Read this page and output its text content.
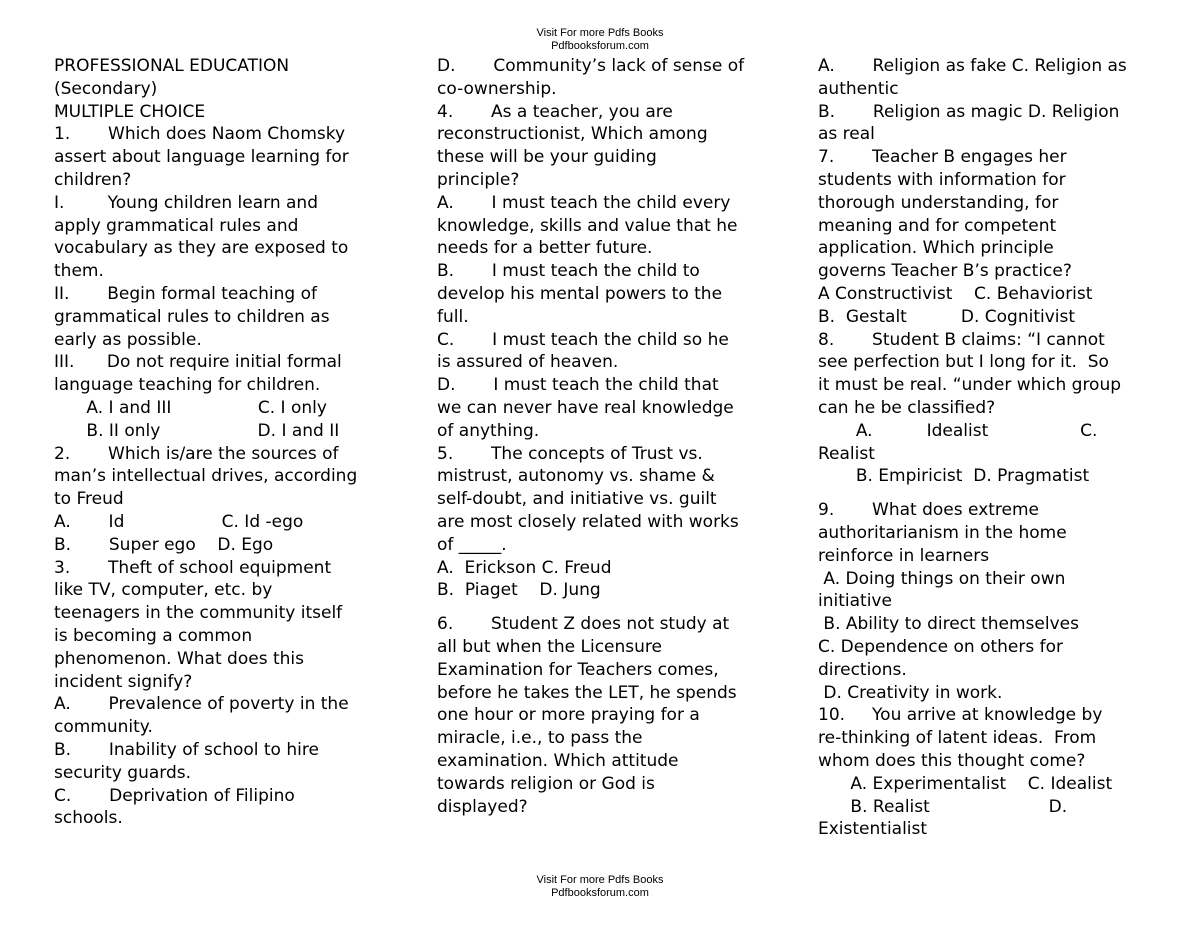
Visit For more Pdfs Books
Pdfbooksforum.com
PROFESSIONAL EDUCATION
(Secondary)
MULTIPLE CHOICE
1.       Which does Naom Chomsky
assert about language learning for
children?
I.        Young children learn and
apply grammatical rules and
vocabulary as they are exposed to
them.
II.       Begin formal teaching of
grammatical rules to children as
early as possible.
III.      Do not require initial formal
language teaching for children.
A. I and III                C. I only
B. II only                  D. I and II
2.       Which is/are the sources of
man’s intellectual drives, according
to Freud
A.       Id                  C. Id -ego
B.       Super ego    D. Ego
3.       Theft of school equipment
like TV, computer, etc. by
teenagers in the community itself
is becoming a common
phenomenon. What does this
incident signify?
A.       Prevalence of poverty in the
community.
B.       Inability of school to hire
security guards.
C.       Deprivation of Filipino
schools.
D.       Community’s lack of sense of
co-ownership.
4.       As a teacher, you are
reconstructionist, Which among
these will be your guiding
principle?
A.       I must teach the child every
knowledge, skills and value that he
needs for a better future.
B.       I must teach the child to
develop his mental powers to the
full.
C.       I must teach the child so he
is assured of heaven.
D.       I must teach the child that
we can never have real knowledge
of anything.
5.       The concepts of Trust vs.
mistrust, autonomy vs. shame &
self-doubt, and initiative vs. guilt
are most closely related with works
of _____.
A.  Erickson C. Freud
B.  Piaget    D. Jung
6.       Student Z does not study at
all but when the Licensure
Examination for Teachers comes,
before he takes the LET, he spends
one hour or more praying for a
miracle, i.e., to pass the
examination. Which attitude
towards religion or God is
displayed?
A.       Religion as fake C. Religion as
authentic
B.       Religion as magic D. Religion
as real
7.       Teacher B engages her
students with information for
thorough understanding, for
meaning and for competent
application. Which principle
governs Teacher B’s practice?
A Constructivist    C. Behaviorist
B.  Gestalt          D. Cognitivist
8.       Student B claims: “I cannot
see perfection but I long for it.  So
it must be real. “under which group
can he be classified?
A.          Idealist                 C.
Realist
B. Empiricist  D. Pragmatist
9.       What does extreme
authoritarianism in the home
reinforce in learners
A. Doing things on their own
initiative
B. Ability to direct themselves
C. Dependence on others for
directions.
D. Creativity in work.
10.     You arrive at knowledge by
re-thinking of latent ideas.  From
whom does this thought come?
A. Experimentalist    C. Idealist
B. Realist                      D.
Existentialist
Visit For more Pdfs Books
Pdfbooksforum.com
